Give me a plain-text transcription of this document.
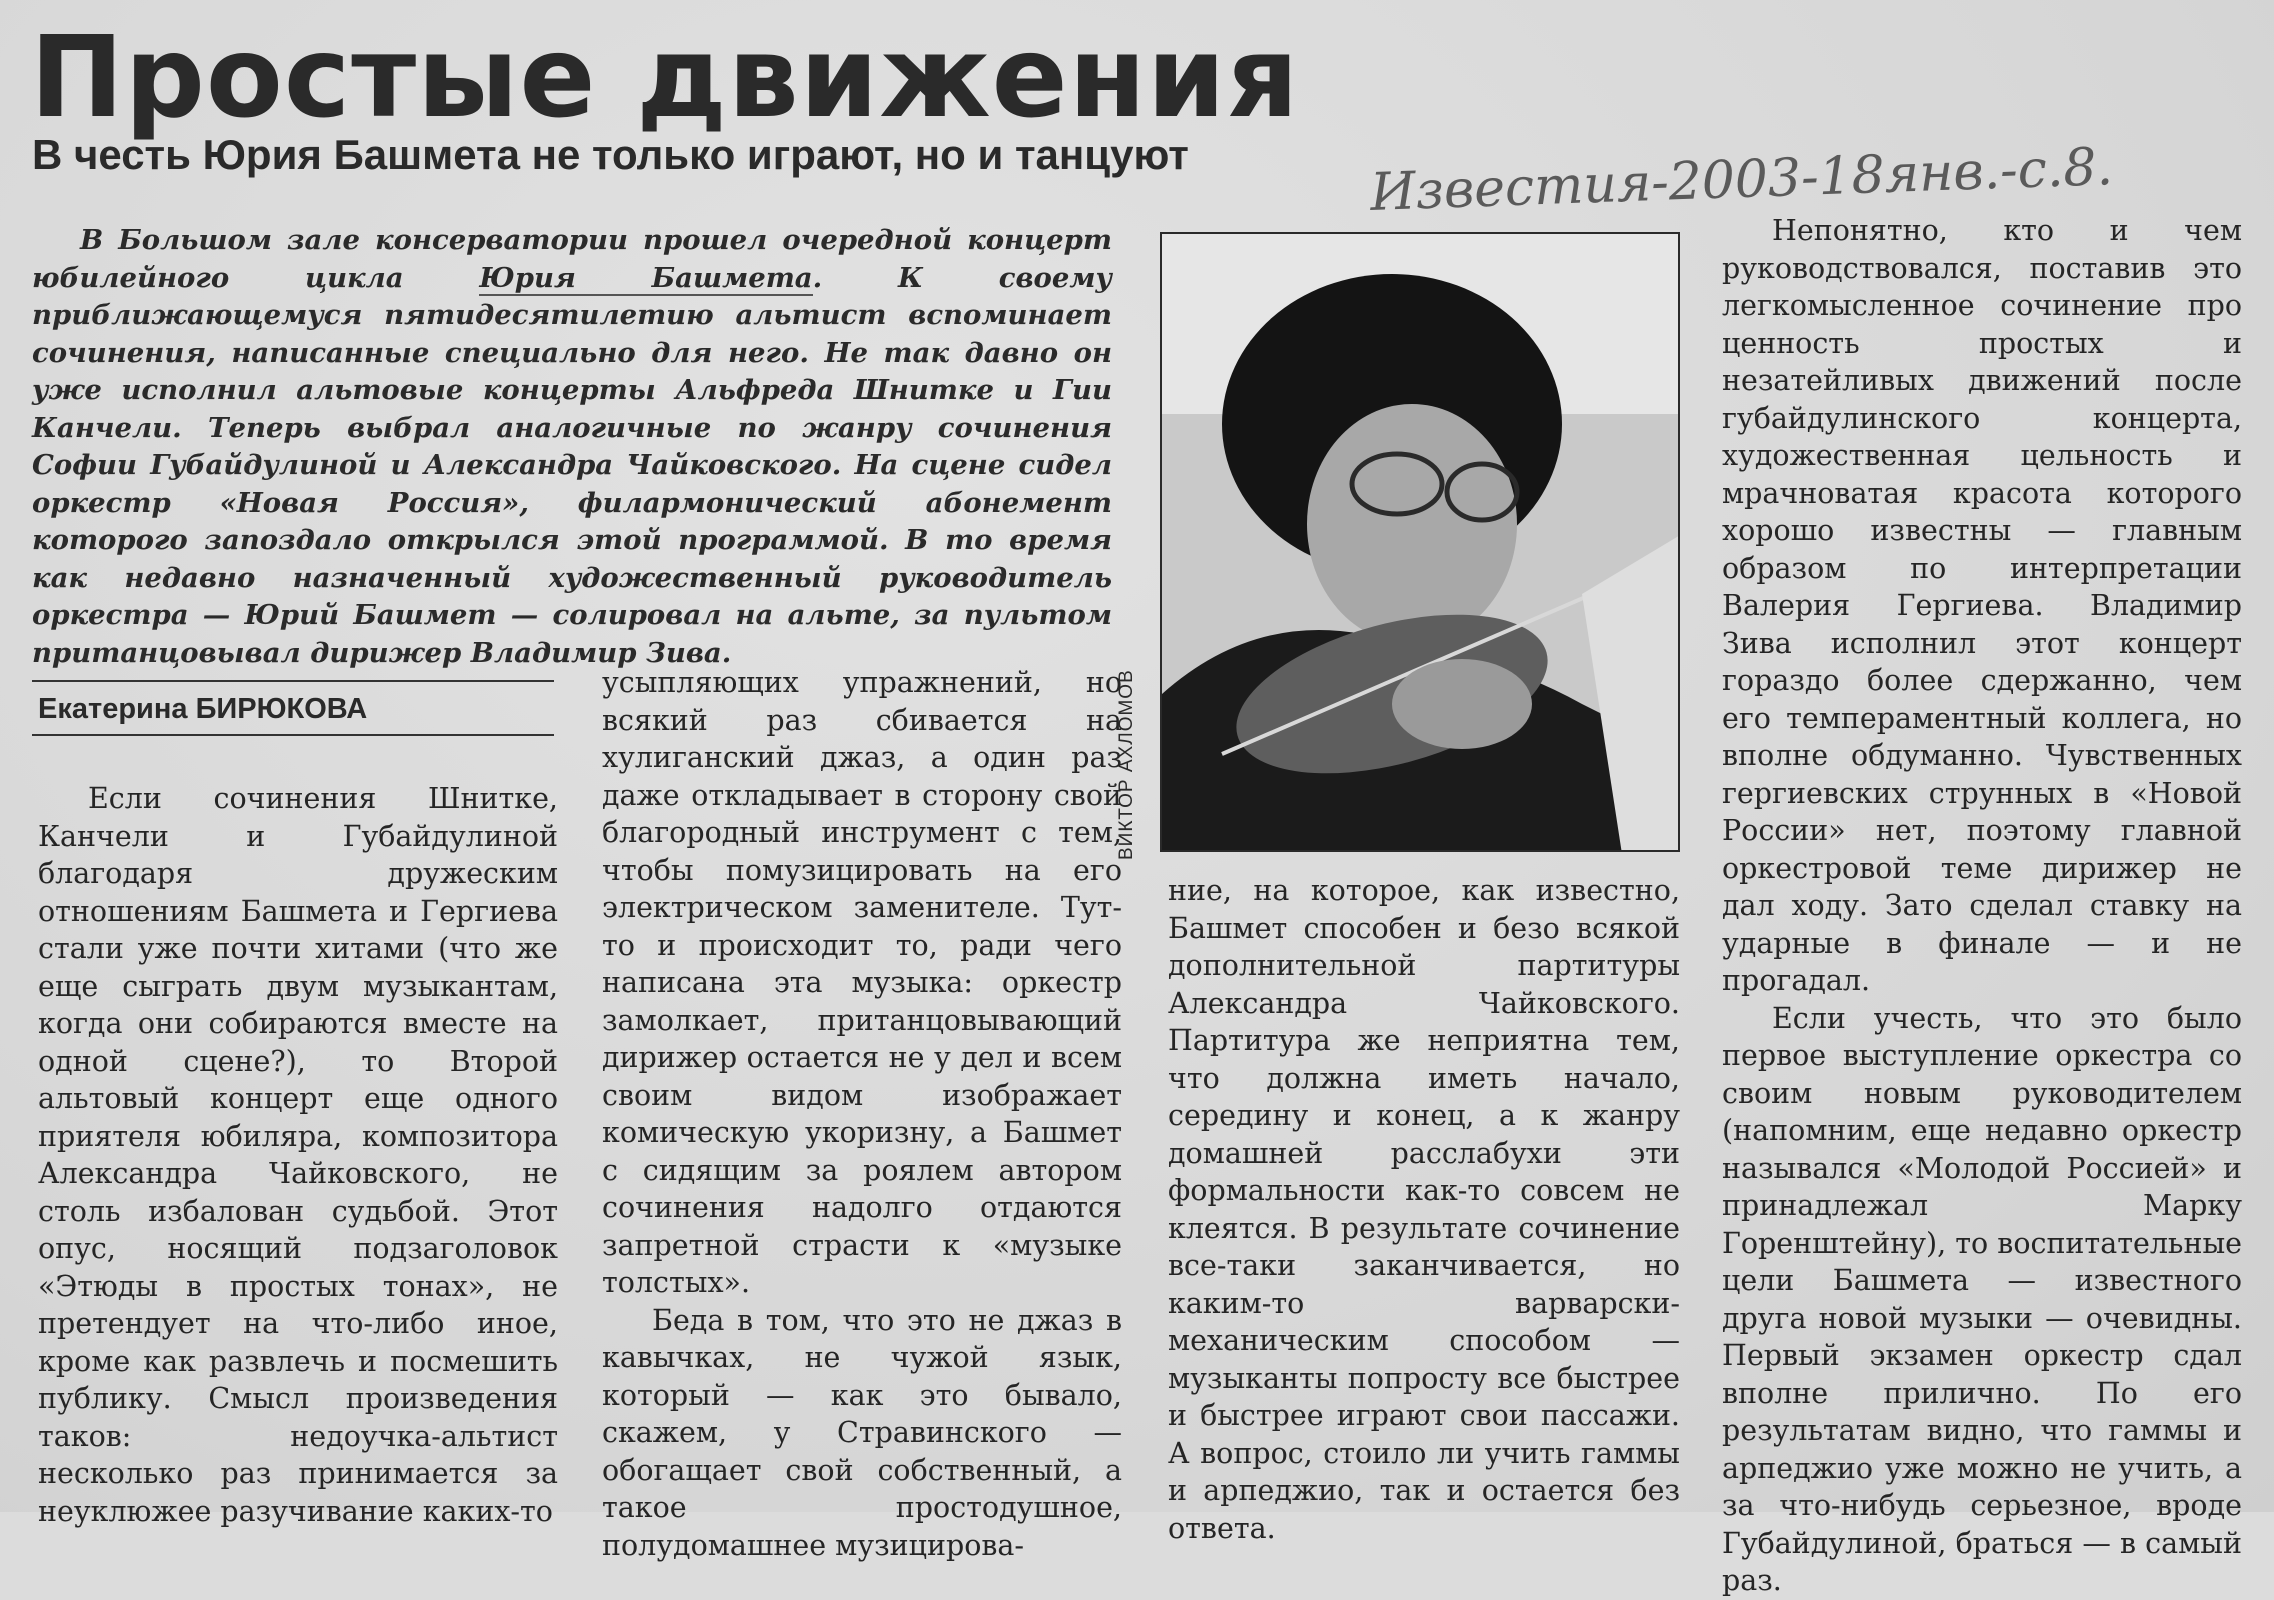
Простые движения
В честь Юрия Башмета не только играют, но и танцуют	Известия-2003-18янв.-с.8.

В Большом зале консерватории прошел очередной концерт юбилейного цикла Юрия Башмета. К своему приближающемуся пятидесятилетию альтист вспоминает сочинения, написанные специально для него. Не так давно он уже исполнил альтовые концерты Альфреда Шнитке и Гии Канчели. Теперь выбрал аналогичные по жанру сочинения Софии Губайдулиной и Александра Чайковского. На сцене сидел оркестр «Новая Россия», филармонический абонемент которого запоздало открылся этой программой. В то время как недавно назначенный художественный руководитель оркестра — Юрий Башмет — солировал на альте, за пультом пританцовывал дирижер Владимир Зива.

ВИКТОР АХЛОМОВ
Екатерина БИРЮКОВА

Если сочинения Шнитке, Канчели и Губайдулиной благодаря дружеским отношениям Башмета и Гергиева стали уже почти хитами (что же еще сыграть двум музыкантам, когда они собираются вместе на одной сцене?), то Второй альтовый концерт еще одного приятеля юбиляра, композитора Александра Чайковского, не столь избалован судьбой. Этот опус, носящий подзаголовок «Этюды в простых тонах», не претендует на что-либо иное, кроме как развлечь и посмешить публику. Смысл произведения таков: недоучка-альтист несколько раз принимается за неуклюжее разучивание каких-то

усыпляющих упражнений, но всякий раз сбивается на хулиганский джаз, а один раз даже откладывает в сторону свой благородный инструмент с тем, чтобы помузицировать на его электрическом заменителе. Тут-то и происходит то, ради чего написана эта музыка: оркестр замолкает, пританцовывающий дирижер остается не у дел и всем своим видом изображает комическую укоризну, а Башмет с сидящим за роялем автором сочинения надолго отдаются запретной страсти к «музыке толстых».

Беда в том, что это не джаз в кавычках, не чужой язык, который — как это бывало, скажем, у Стравинского — обогащает свой собственный, а такое простодушное, полудомашнее музицирова-

ние, на которое, как известно, Башмет способен и безо всякой дополнительной партитуры Александра Чайковского. Партитура же неприятна тем, что должна иметь начало, середину и конец, а к жанру домашней расслабухи эти формальности как-то совсем не клеятся. В результате сочинение все-таки заканчивается, но каким-то варварски-механическим способом — музыканты попросту все быстрее и быстрее играют свои пассажи. А вопрос, стоило ли учить гаммы и арпеджио, так и остается без ответа.

Непонятно, кто и чем руководствовался, поставив это легкомысленное сочинение про ценность простых и незатейливых движений после губайдулинского концерта, художественная цельность и мрачноватая красота которого хорошо известны — главным образом по интерпретации Валерия Гергиева. Владимир Зива исполнил этот концерт гораздо более сдержанно, чем его темпераментный коллега, но вполне обдуманно. Чувственных гергиевских струнных в «Новой России» нет, поэтому главной оркестровой теме дирижер не дал ходу. Зато сделал ставку на ударные в финале — и не прогадал.

Если учесть, что это было первое выступление оркестра со своим новым руководителем (напомним, еще недавно оркестр назывался «Молодой Россией» и принадлежал Марку Горенштейну), то воспитательные цели Башмета — известного друга новой музыки — очевидны. Первый экзамен оркестр сдал вполне прилично. По его результатам видно, что гаммы и арпеджио уже можно не учить, а за что-нибудь серьезное, вроде Губайдулиной, браться — в самый раз.
